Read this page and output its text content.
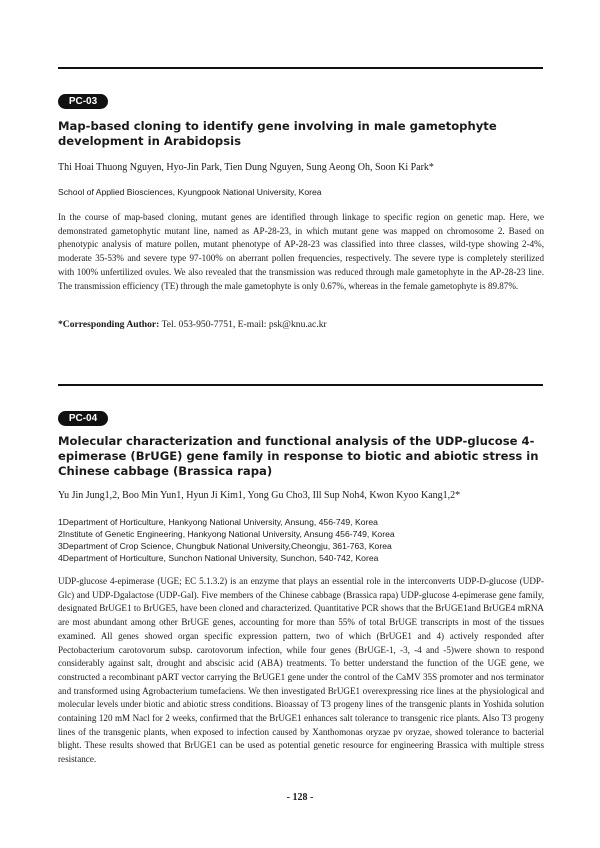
PC-03

Map-based cloning to identify gene involving in male gametophyte development in Arabidopsis

Thi Hoai Thuong Nguyen, Hyo-Jin Park, Tien Dung Nguyen, Sung Aeong Oh, Soon Ki Park*

School of Applied Biosciences, Kyungpook National University, Korea

In the course of map-based cloning, mutant genes are identified through linkage to specific region on genetic map. Here, we demonstrated gametophytic mutant line, named as AP-28-23, in which mutant gene was mapped on chromosome 2. Based on phenotypic analysis of mature pollen, mutant phenotype of AP-28-23 was classified into three classes, wild-type showing 2-4%, moderate 35-53% and severe type 97-100% on aberrant pollen frequencies, respectively. The severe type is completely sterilized with 100% unfertilized ovules. We also revealed that the transmission was reduced through male gametophyte in the AP-28-23 line. The transmission efficiency (TE) through the male gametophyte is only 0.67%, whereas in the female gametophyte is 89.87%.

*Corresponding Author: Tel. 053-950-7751, E-mail: psk@knu.ac.kr

PC-04

Molecular characterization and functional analysis of the UDP-glucose 4-epimerase (BrUGE) gene family in response to biotic and abiotic stress in Chinese cabbage (Brassica rapa)

Yu Jin Jung1,2, Boo Min Yun1, Hyun Ji Kim1, Yong Gu Cho3, Ill Sup Noh4, Kwon Kyoo Kang1,2*

1Department of Horticulture, Hankyong National University, Ansung, 456-749, Korea

2Institute of Genetic Engineering, Hankyong National University, Ansung 456-749, Korea

3Department of Crop Science, Chungbuk National University,Cheongju, 361-763, Korea

4Department of Horticulture, Sunchon National University, Sunchon, 540-742, Korea

UDP-glucose 4-epimerase (UGE; EC 5.1.3.2) is an enzyme that plays an essential role in the interconverts UDP-D-glucose (UDP-Glc) and UDP-Dgalactose (UDP-Gal). Five members of the Chinese cabbage (Brassica rapa) UDP-glucose 4-epimerase gene family, designated BrUGE1 to BrUGE5, have been cloned and characterized. Quantitative PCR shows that the BrUGE1and BrUGE4 mRNA are most abundant among other BrUGE genes, accounting for more than 55% of total BrUGE transcripts in most of the tissues examined. All genes showed organ specific expression pattern, two of which (BrUGE1 and 4) actively responded after Pectobacterium carotovorum subsp. carotovorum infection, while four genes (BrUGE-1, -3, -4 and -5)were shown to respond considerably against salt, drought and abscisic acid (ABA) treatments. To better understand the function of the UGE gene, we constructed a recombinant pART vector carrying the BrUGE1 gene under the control of the CaMV 35S promoter and nos terminator and transformed using Agrobacterium tumefaciens. We then investigated BrUGE1 overexpressing rice lines at the physiological and molecular levels under biotic and abiotic stress conditions. Bioassay of T3 progeny lines of the transgenic plants in Yoshida solution containing 120 mM Nacl for 2 weeks, confirmed that the BrUGE1 enhances salt tolerance to transgenic rice plants. Also T3 progeny lines of the transgenic plants, when exposed to infection caused by Xanthomonas oryzae pv oryzae, showed tolerance to bacterial blight. These results showed that BrUGE1 can be used as potential genetic resource for engineering Brassica with multiple stress resistance.

- 128 -
